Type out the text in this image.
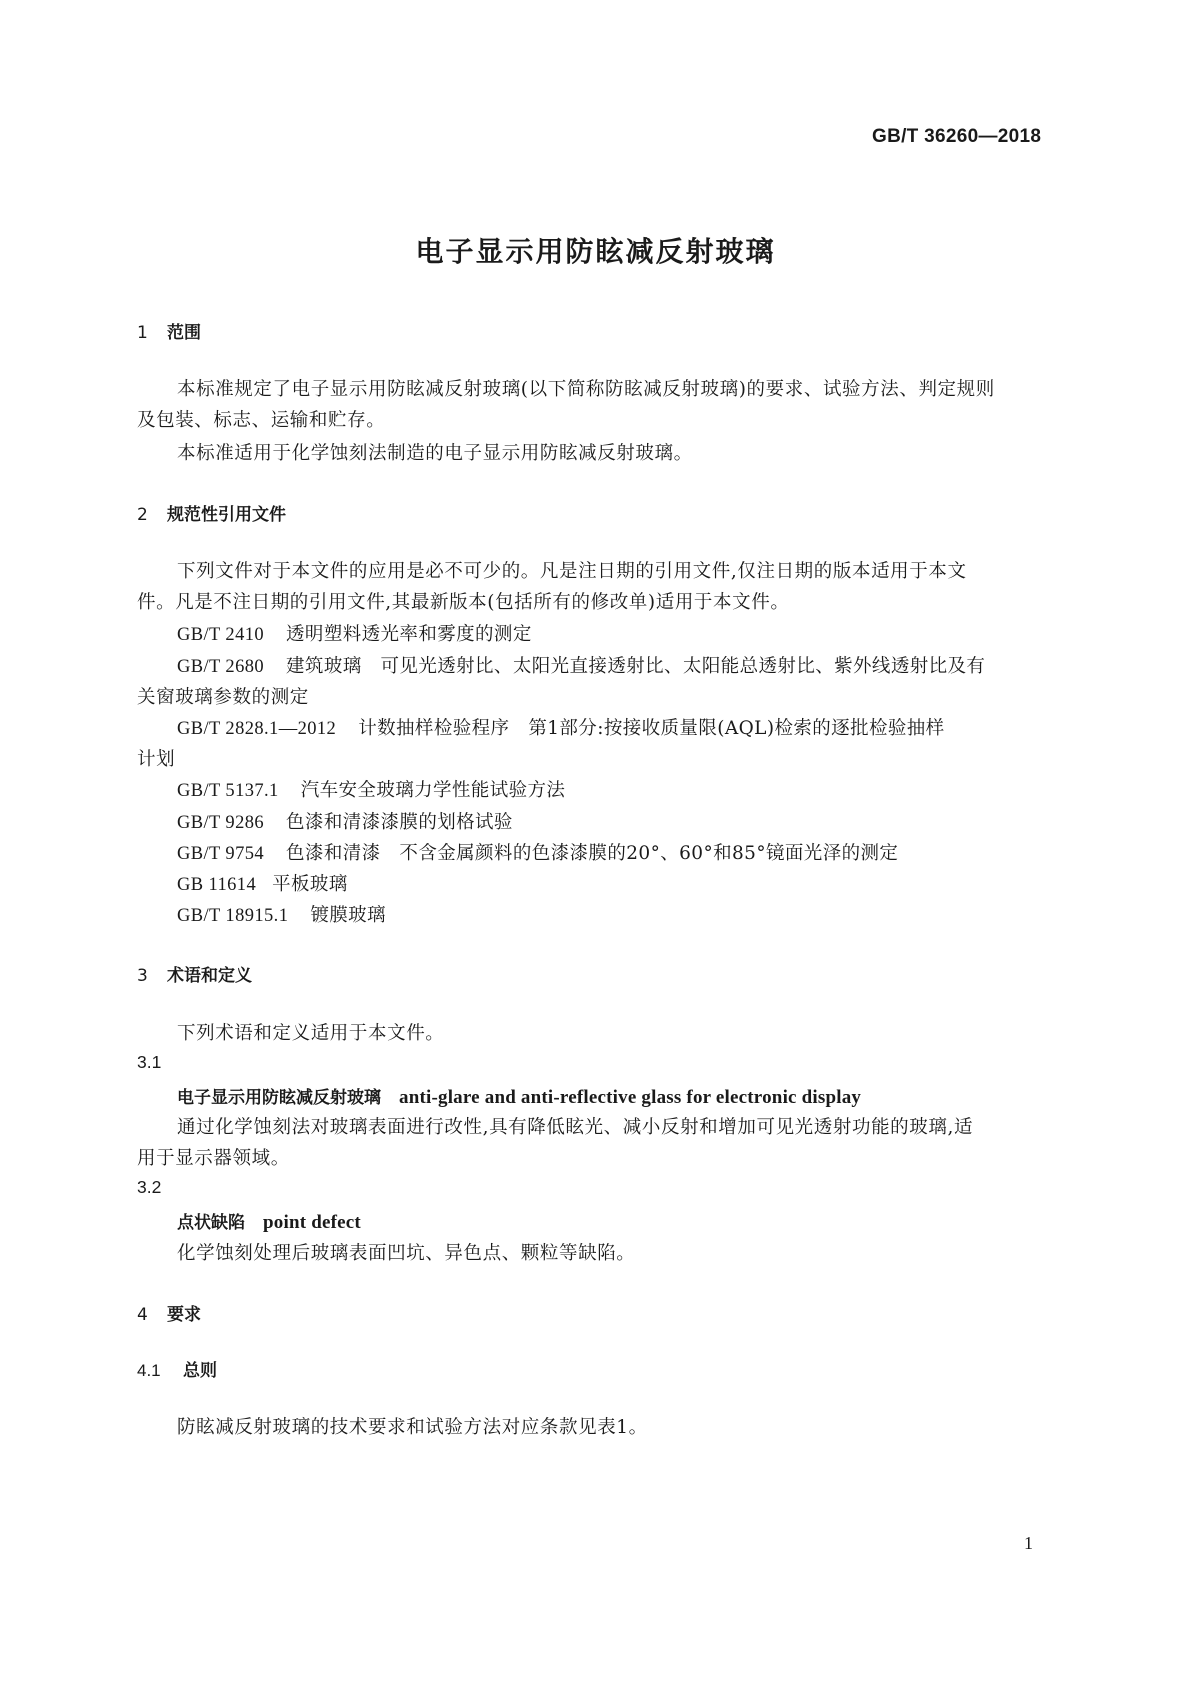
GB/T 36260—2018
电子显示用防眩减反射玻璃
1 范围
本标准规定了电子显示用防眩减反射玻璃(以下简称防眩减反射玻璃)的要求、试验方法、判定规则
及包装、标志、运输和贮存。
本标准适用于化学蚀刻法制造的电子显示用防眩减反射玻璃。
2 规范性引用文件
下列文件对于本文件的应用是必不可少的。凡是注日期的引用文件,仅注日期的版本适用于本文
件。凡是不注日期的引用文件,其最新版本(包括所有的修改单)适用于本文件。
GB/T 2410 透明塑料透光率和雾度的测定
GB/T 2680 建筑玻璃　可见光透射比、太阳光直接透射比、太阳能总透射比、紫外线透射比及有
关窗玻璃参数的测定
GB/T 2828.1—2012 计数抽样检验程序　第1部分:按接收质量限(AQL)检索的逐批检验抽样
计划
GB/T 5137.1 汽车安全玻璃力学性能试验方法
GB/T 9286 色漆和清漆漆膜的划格试验
GB/T 9754 色漆和清漆　不含金属颜料的色漆漆膜的20°、60°和85°镜面光泽的测定
GB 11614 平板玻璃
GB/T 18915.1 镀膜玻璃
3 术语和定义
下列术语和定义适用于本文件。
3.1
电子显示用防眩减反射玻璃 anti-glare and anti-reflective glass for electronic display
通过化学蚀刻法对玻璃表面进行改性,具有降低眩光、减小反射和增加可见光透射功能的玻璃,适
用于显示器领域。
3.2
点状缺陷 point defect
化学蚀刻处理后玻璃表面凹坑、异色点、颗粒等缺陷。
4 要求
4.1 总则
防眩减反射玻璃的技术要求和试验方法对应条款见表1。
1
